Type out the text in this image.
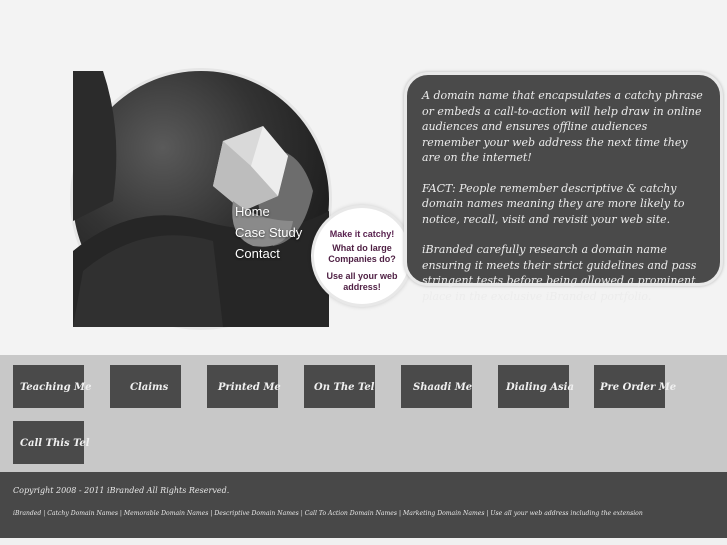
Home
Case Study
Contact
Make it catchy!
What do large Companies do?
Use all your web address!

A domain name that encapsulates a catchy phrase or embeds a call-to-action will help draw in online audiences and ensures offline audiences remember your web address the next time they are on the internet!

FACT: People remember descriptive & catchy domain names meaning they are more likely to notice, recall, visit and revisit your web site.

iBranded carefully research a domain name ensuring it meets their strict guidelines and pass stringent tests before being allowed a prominent place in the exclusive iBranded portfolio.

Teaching Me	Claims	Printed Me	On The Tel	Shaadi Me	Dialing Asia	Pre Order Me
Call This Tel
Copyright 2008 - 2011 iBranded All Rights Reserved.
iBranded | Catchy Domain Names | Memorable Domain Names | Descriptive Domain Names | Call To Action Domain Names | Marketing Domain Names | Use all your web address including the extension
